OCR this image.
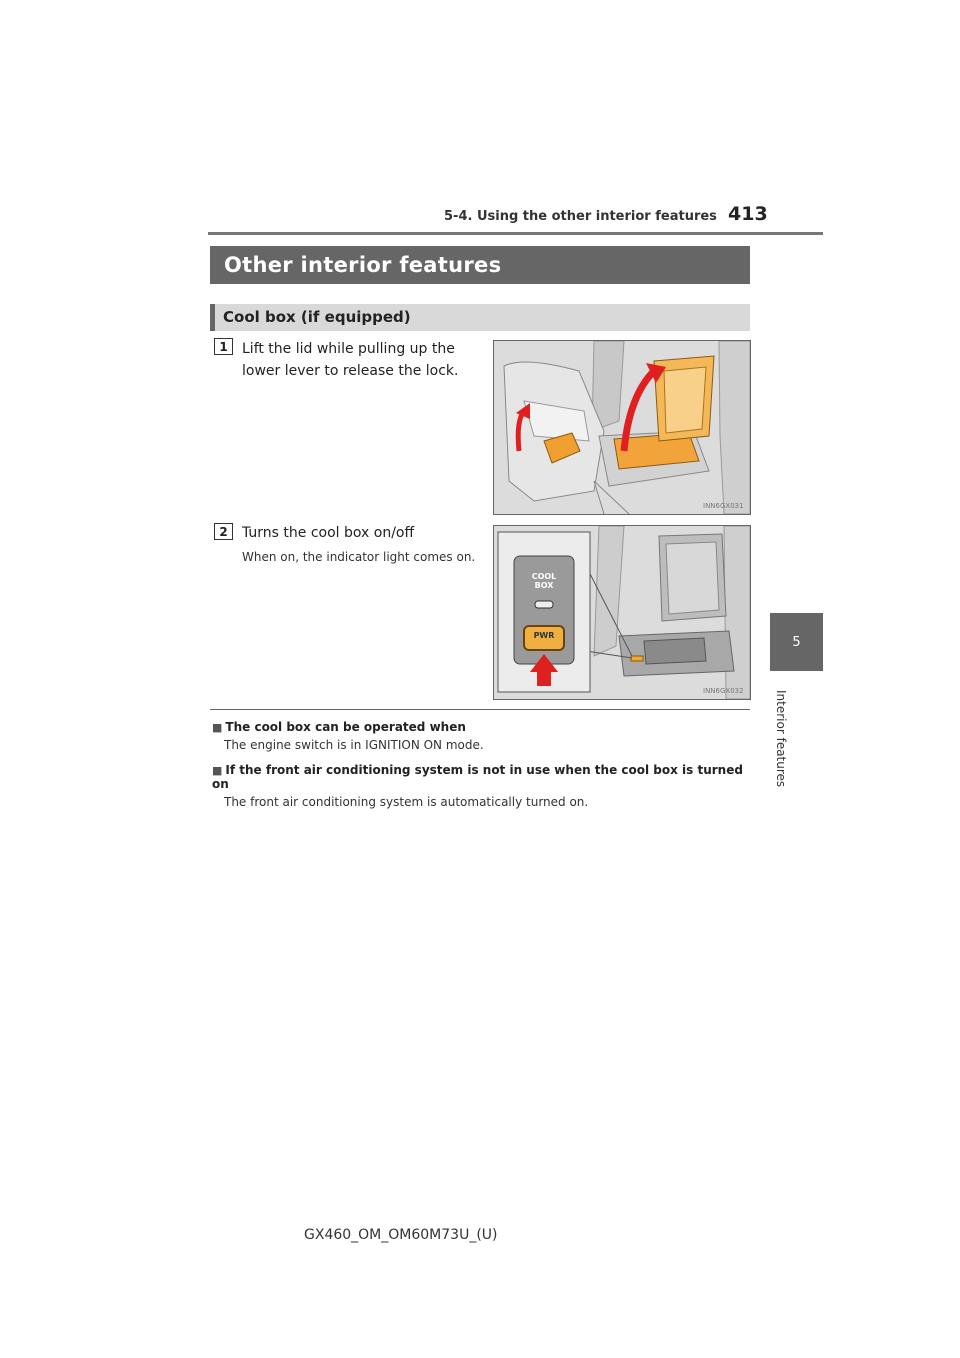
5-4. Using the other interior features 413
5
Interior features
Other interior features
Cool box (if equipped)
1	Lift the lid while pulling up the lower lever to release the lock.
INN6GX031
2	Turns the cool box on/off
When on, the indicator light comes on.
COOL
BOX
PWR
INN6GX032
■ The cool box can be operated when
The engine switch is in IGNITION ON mode.
■ If the front air conditioning system is not in use when the cool box is turned on
The front air conditioning system is automatically turned on.
GX460_OM_OM60M73U_(U)
